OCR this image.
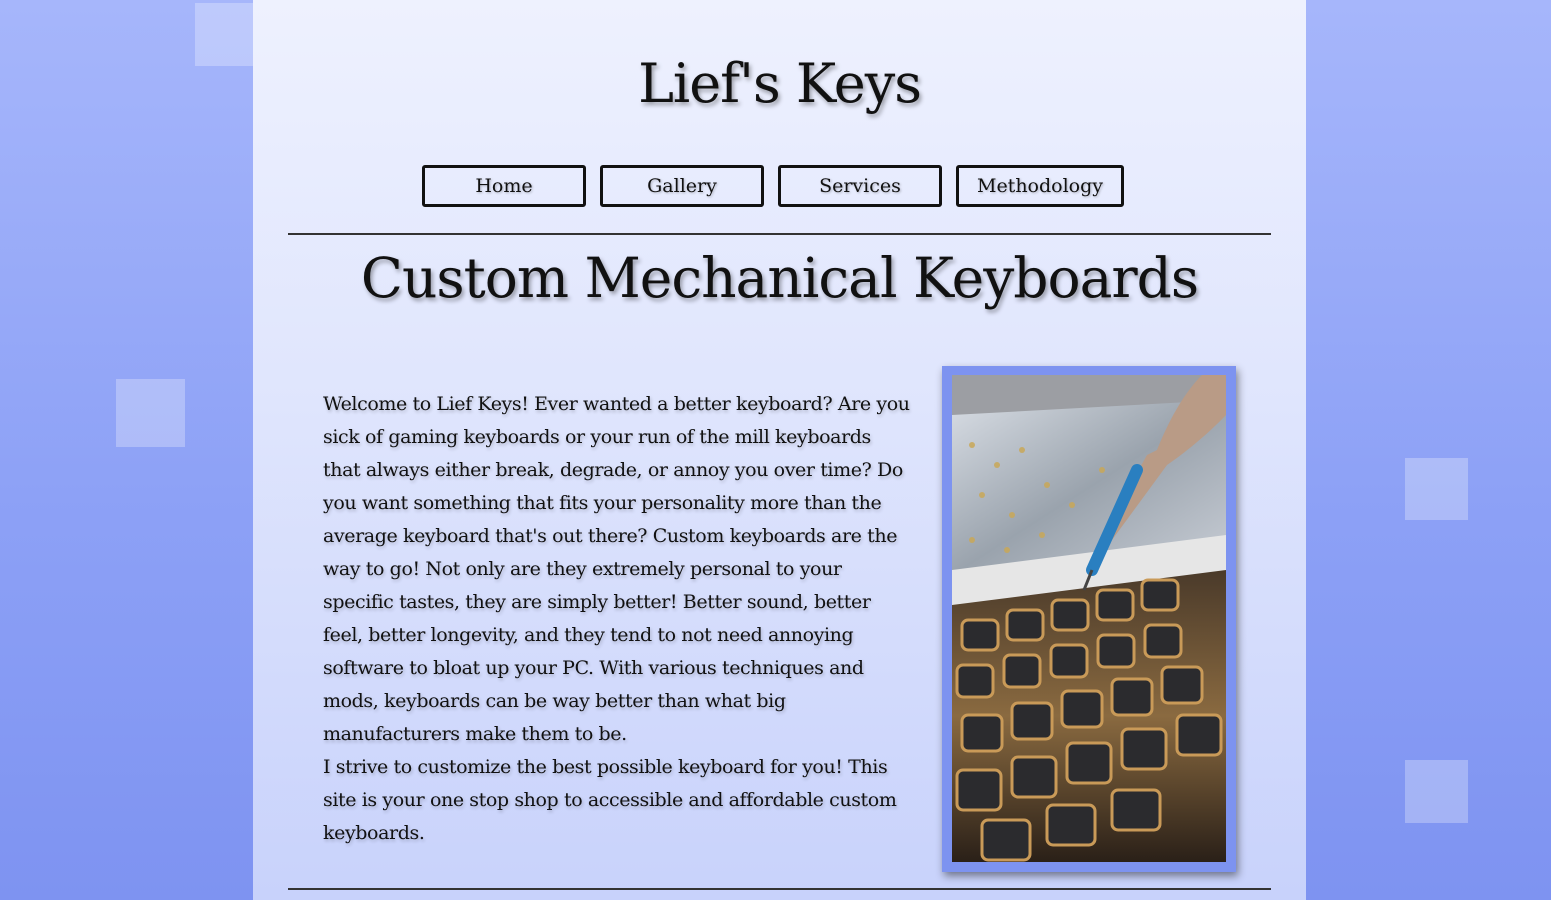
Lief's Keys
Home	Gallery	Services	Methodology
Custom Mechanical Keyboards

Welcome to Lief Keys! Ever wanted a better keyboard? Are you sick of gaming keyboards or your run of the mill keyboards that always either break, degrade, or annoy you over time? Do you want something that fits your personality more than the average keyboard that's out there? Custom keyboards are the way to go! Not only are they extremely personal to your specific tastes, they are simply better! Better sound, better feel, better longevity, and they tend to not need annoying software to bloat up your PC. With various techniques and mods, keyboards can be way better than what big manufacturers make them to be.

I strive to customize the best possible keyboard for you! This site is your one stop shop to accessible and affordable custom keyboards.
